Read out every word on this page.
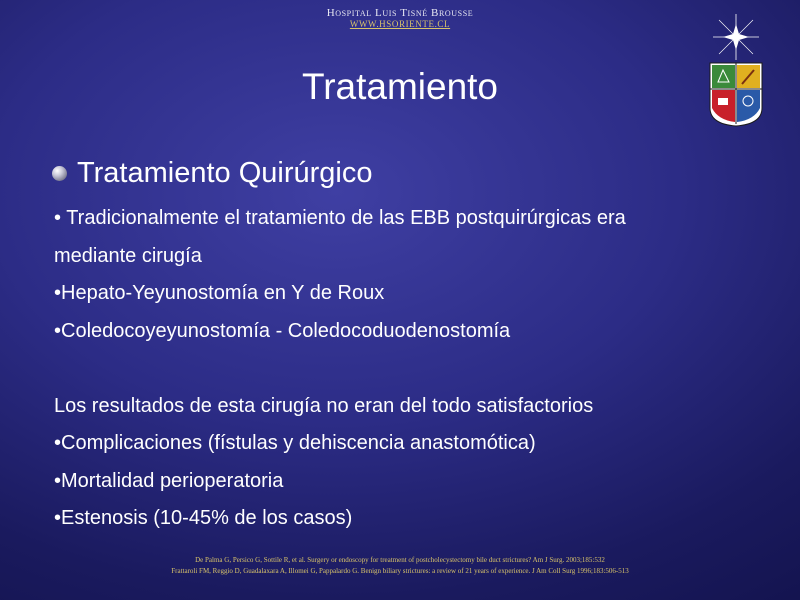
Hospital Luis Tisné Brousse
WWW.HSORIENTE.CL
Tratamiento
Tratamiento Quirúrgico
• Tradicionalmente el tratamiento de las EBB postquirúrgicas era
mediante cirugía
•Hepato-Yeyunostomía en Y de Roux
•Coledocoyeyunostomía - Coledocoduodenostomía
Los resultados de esta cirugía no eran del todo satisfactorios
•Complicaciones (fístulas y dehiscencia anastomótica)
•Mortalidad perioperatoria
•Estenosis (10-45% de los casos)
De Palma G, Persico G, Sottile R, et al. Surgery or endoscopy for treatment of postcholecystectomy bile duct strictures? Am J Surg. 2003;185:532
Frattaroli FM, Reggio D, Guadalaxara A, Illomei G, Pappalardo G. Benign biliary strictures: a review of 21 years of experience. J Am Coll Surg 1996;183:506-513
